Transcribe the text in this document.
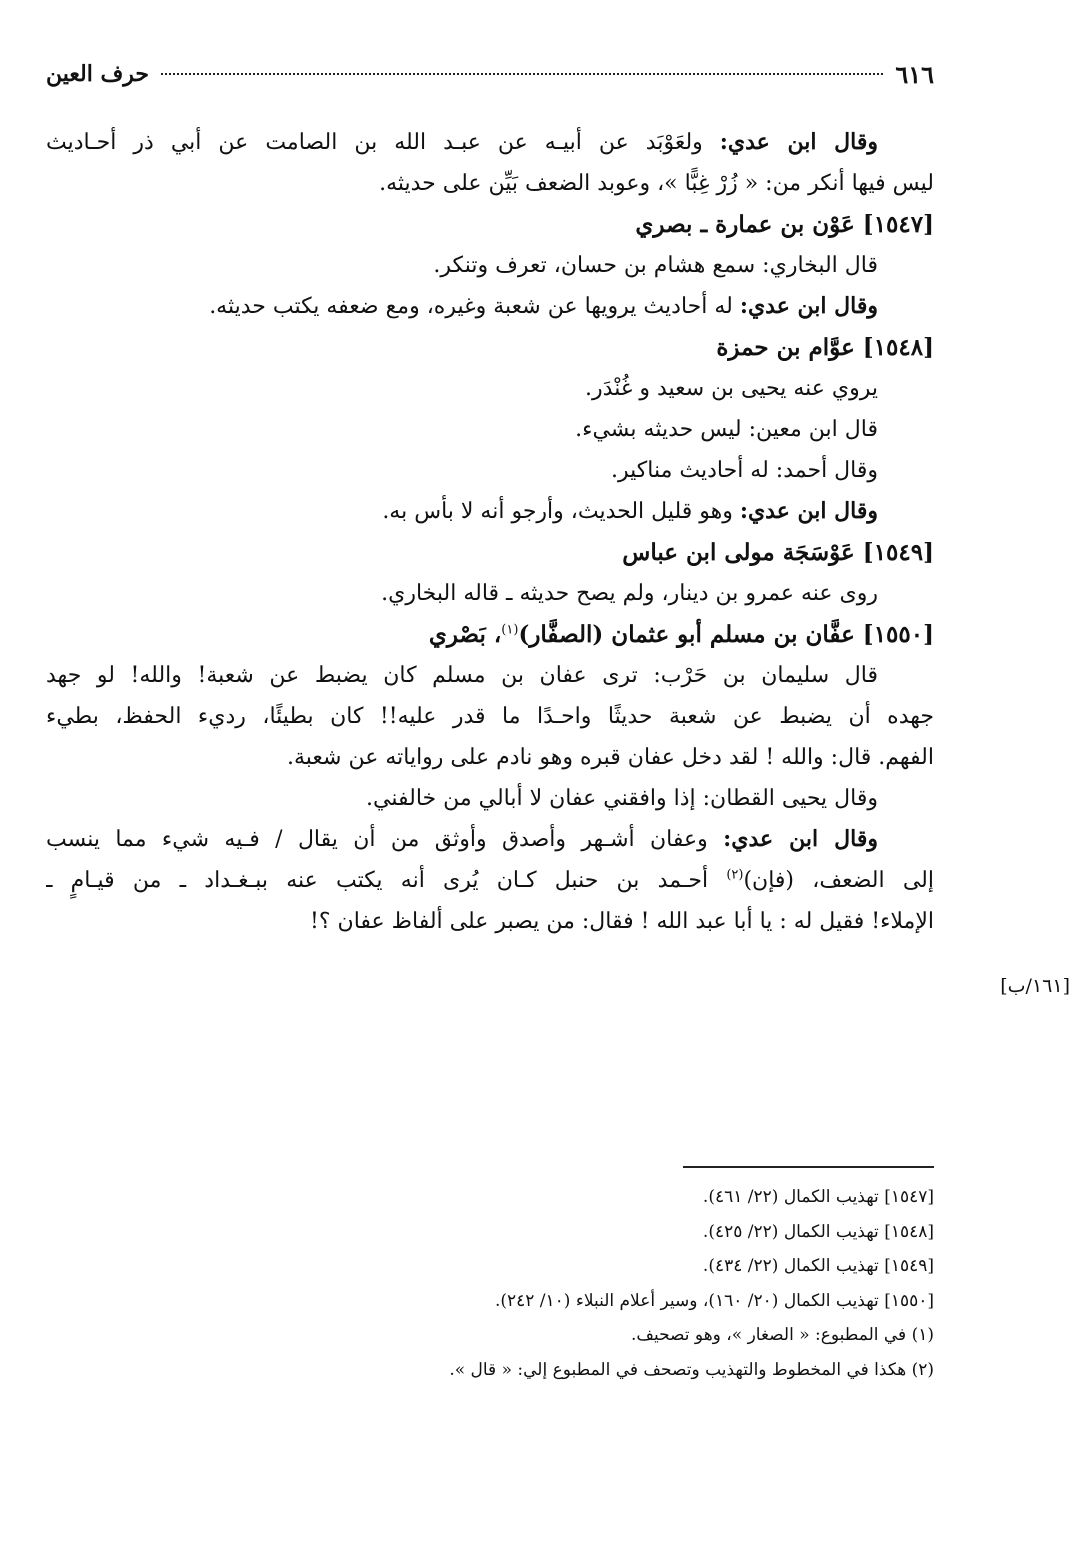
٦١٦
حرف العين
وقال ابن عدي: ولعَوْبَد عن أبيـه عن عبـد الله بن الصامت عن أبي ذر أحـاديث
ليس فيها أنكر من: « زُرْ غِبًّا »، وعوبد الضعف بَيِّن على حديثه.
[١٥٤٧] عَوْن بن عمارة ـ بصري
قال البخاري: سمع هشام بن حسان، تعرف وتنكر.
وقال ابن عدي: له أحاديث يرويها عن شعبة وغيره، ومع ضعفه يكتب حديثه.
[١٥٤٨] عوَّام بن حمزة
يروي عنه يحيى بن سعيد و غُنْدَر.
قال ابن معين: ليس حديثه بشيء.
وقال أحمد: له أحاديث مناكير.
وقال ابن عدي: وهو قليل الحديث، وأرجو أنه لا بأس به.
[١٥٤٩] عَوْسَجَة مولى ابن عباس
روى عنه عمرو بن دينار، ولم يصح حديثه ـ قاله البخاري.
[١٥٥٠] عفَّان بن مسلم أبو عثمان (الصفَّار)$^{(١)}$، بَصْري
قال سليمان بن حَرْب: ترى عفان بن مسلم كان يضبط عن شعبة! والله! لو جهد
جهده أن يضبط عن شعبة حديثًا واحـدًا ما قدر عليه!! كان بطيئًا، رديء الحفظ، بطيء
الفهم. قال: والله ! لقد دخل عفان قبره وهو نادم على رواياته عن شعبة.
وقال يحيى القطان: إذا وافقني عفان لا أبالي من خالفني.
وقال ابن عدي: وعفان أشـهر وأصدق وأوثق من أن يقال / فـيه شيء مما ينسب
إلى الضعف، (فإن)$^{(٢)}$ أحـمد بن حنبل كـان يُرى أنه يكتب عنه ببـغـداد ـ من قيـامٍ ـ
الإملاء! فقيل له : يا أبا عبد الله ! فقال: من يصبر على ألفاظ عفان ؟!
[١٦١/ب]
[١٥٤٧] تهذيب الكمال (٢٢/ ٤٦١).
[١٥٤٨] تهذيب الكمال (٢٢/ ٤٢٥).
[١٥٤٩] تهذيب الكمال (٢٢/ ٤٣٤).
[١٥٥٠] تهذيب الكمال (٢٠/ ١٦٠)، وسير أعلام النبلاء (١٠/ ٢٤٢).
(١) في المطبوع: « الصغار »، وهو تصحيف.
(٢) هكذا في المخطوط والتهذيب وتصحف في المطبوع إلي: « قال ».
